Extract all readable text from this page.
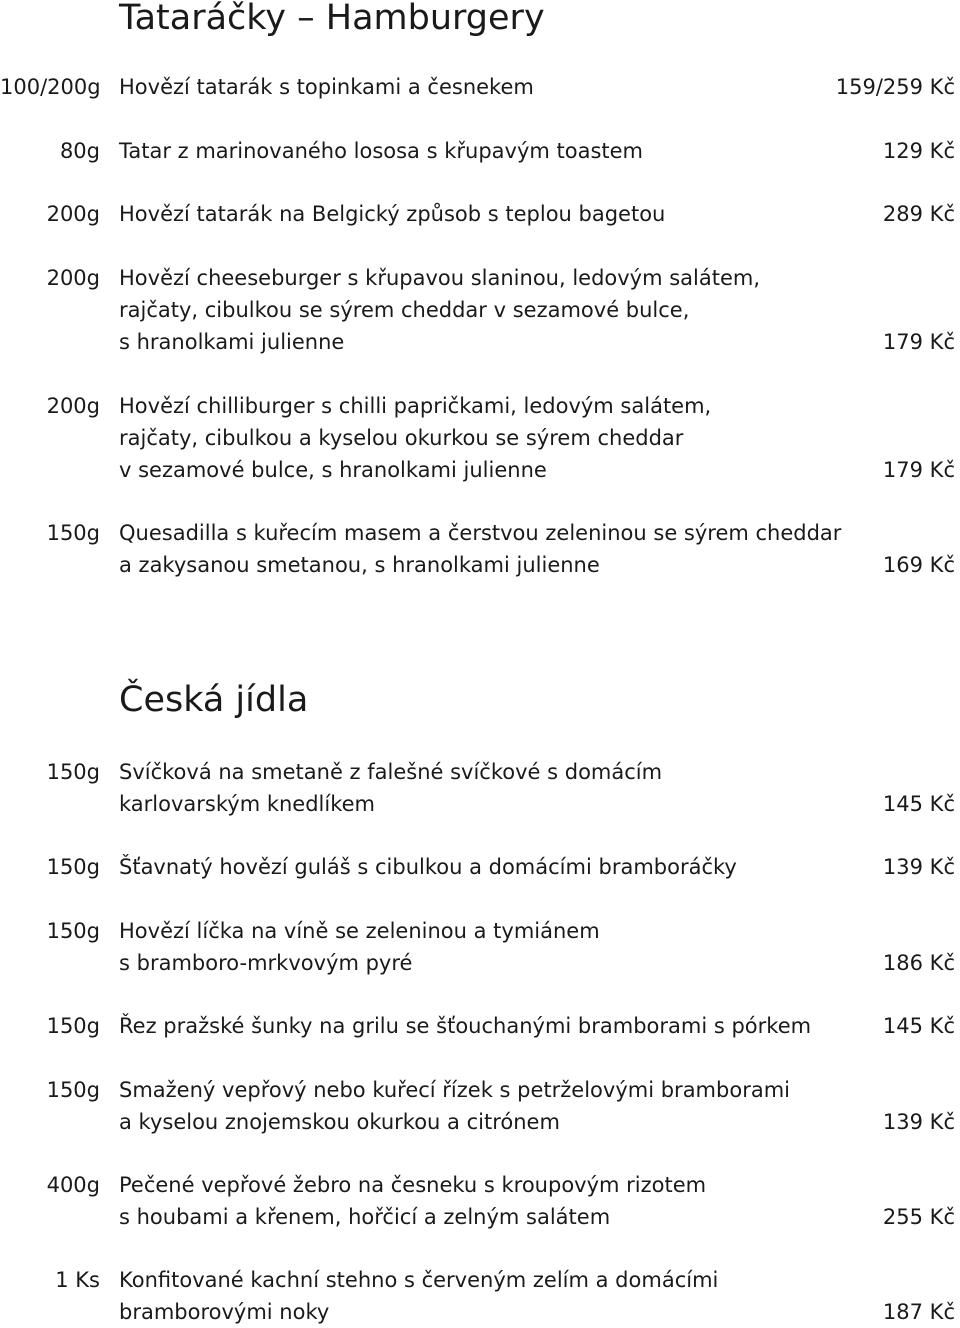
Tataráčky – Hamburgery
100/200g Hovězí tatarák s topinkami a česnekem	159/259 Kč
80g Tatar z marinovaného lososa s křupavým toastem	129 Kč
200g Hovězí tatarák na Belgický způsob s teplou bagetou	289 Kč
200g Hovězí cheeseburger s křupavou slaninou, ledovým salátem,
rajčaty, cibulkou se sýrem cheddar v sezamové bulce,
s hranolkami julienne	179 Kč
200g Hovězí chilliburger s chilli papričkami, ledovým salátem,
rajčaty, cibulkou a kyselou okurkou se sýrem cheddar
v sezamové bulce, s hranolkami julienne	179 Kč
150g Quesadilla s kuřecím masem a čerstvou zeleninou se sýrem cheddar
a zakysanou smetanou, s hranolkami julienne	169 Kč
Česká jídla
150g Svíčková na smetaně z falešné svíčkové s domácím
karlovarským knedlíkem	145 Kč
150g Šťavnatý hovězí guláš s cibulkou a domácími bramboráčky	139 Kč
150g Hovězí líčka na víně se zeleninou a tymiánem
s bramboro-mrkvovým pyré	186 Kč
150g Řez pražské šunky na grilu se šťouchanými bramborami s pórkem	145 Kč
150g Smažený vepřový nebo kuřecí řízek s petrželovými bramborami
a kyselou znojemskou okurkou a citrónem	139 Kč
400g Pečené vepřové žebro na česneku s kroupovým rizotem
s houbami a křenem, hořčicí a zelným salátem	255 Kč
1 Ks Konfitované kachní stehno s červeným zelím a domácími
bramborovými noky	187 Kč
